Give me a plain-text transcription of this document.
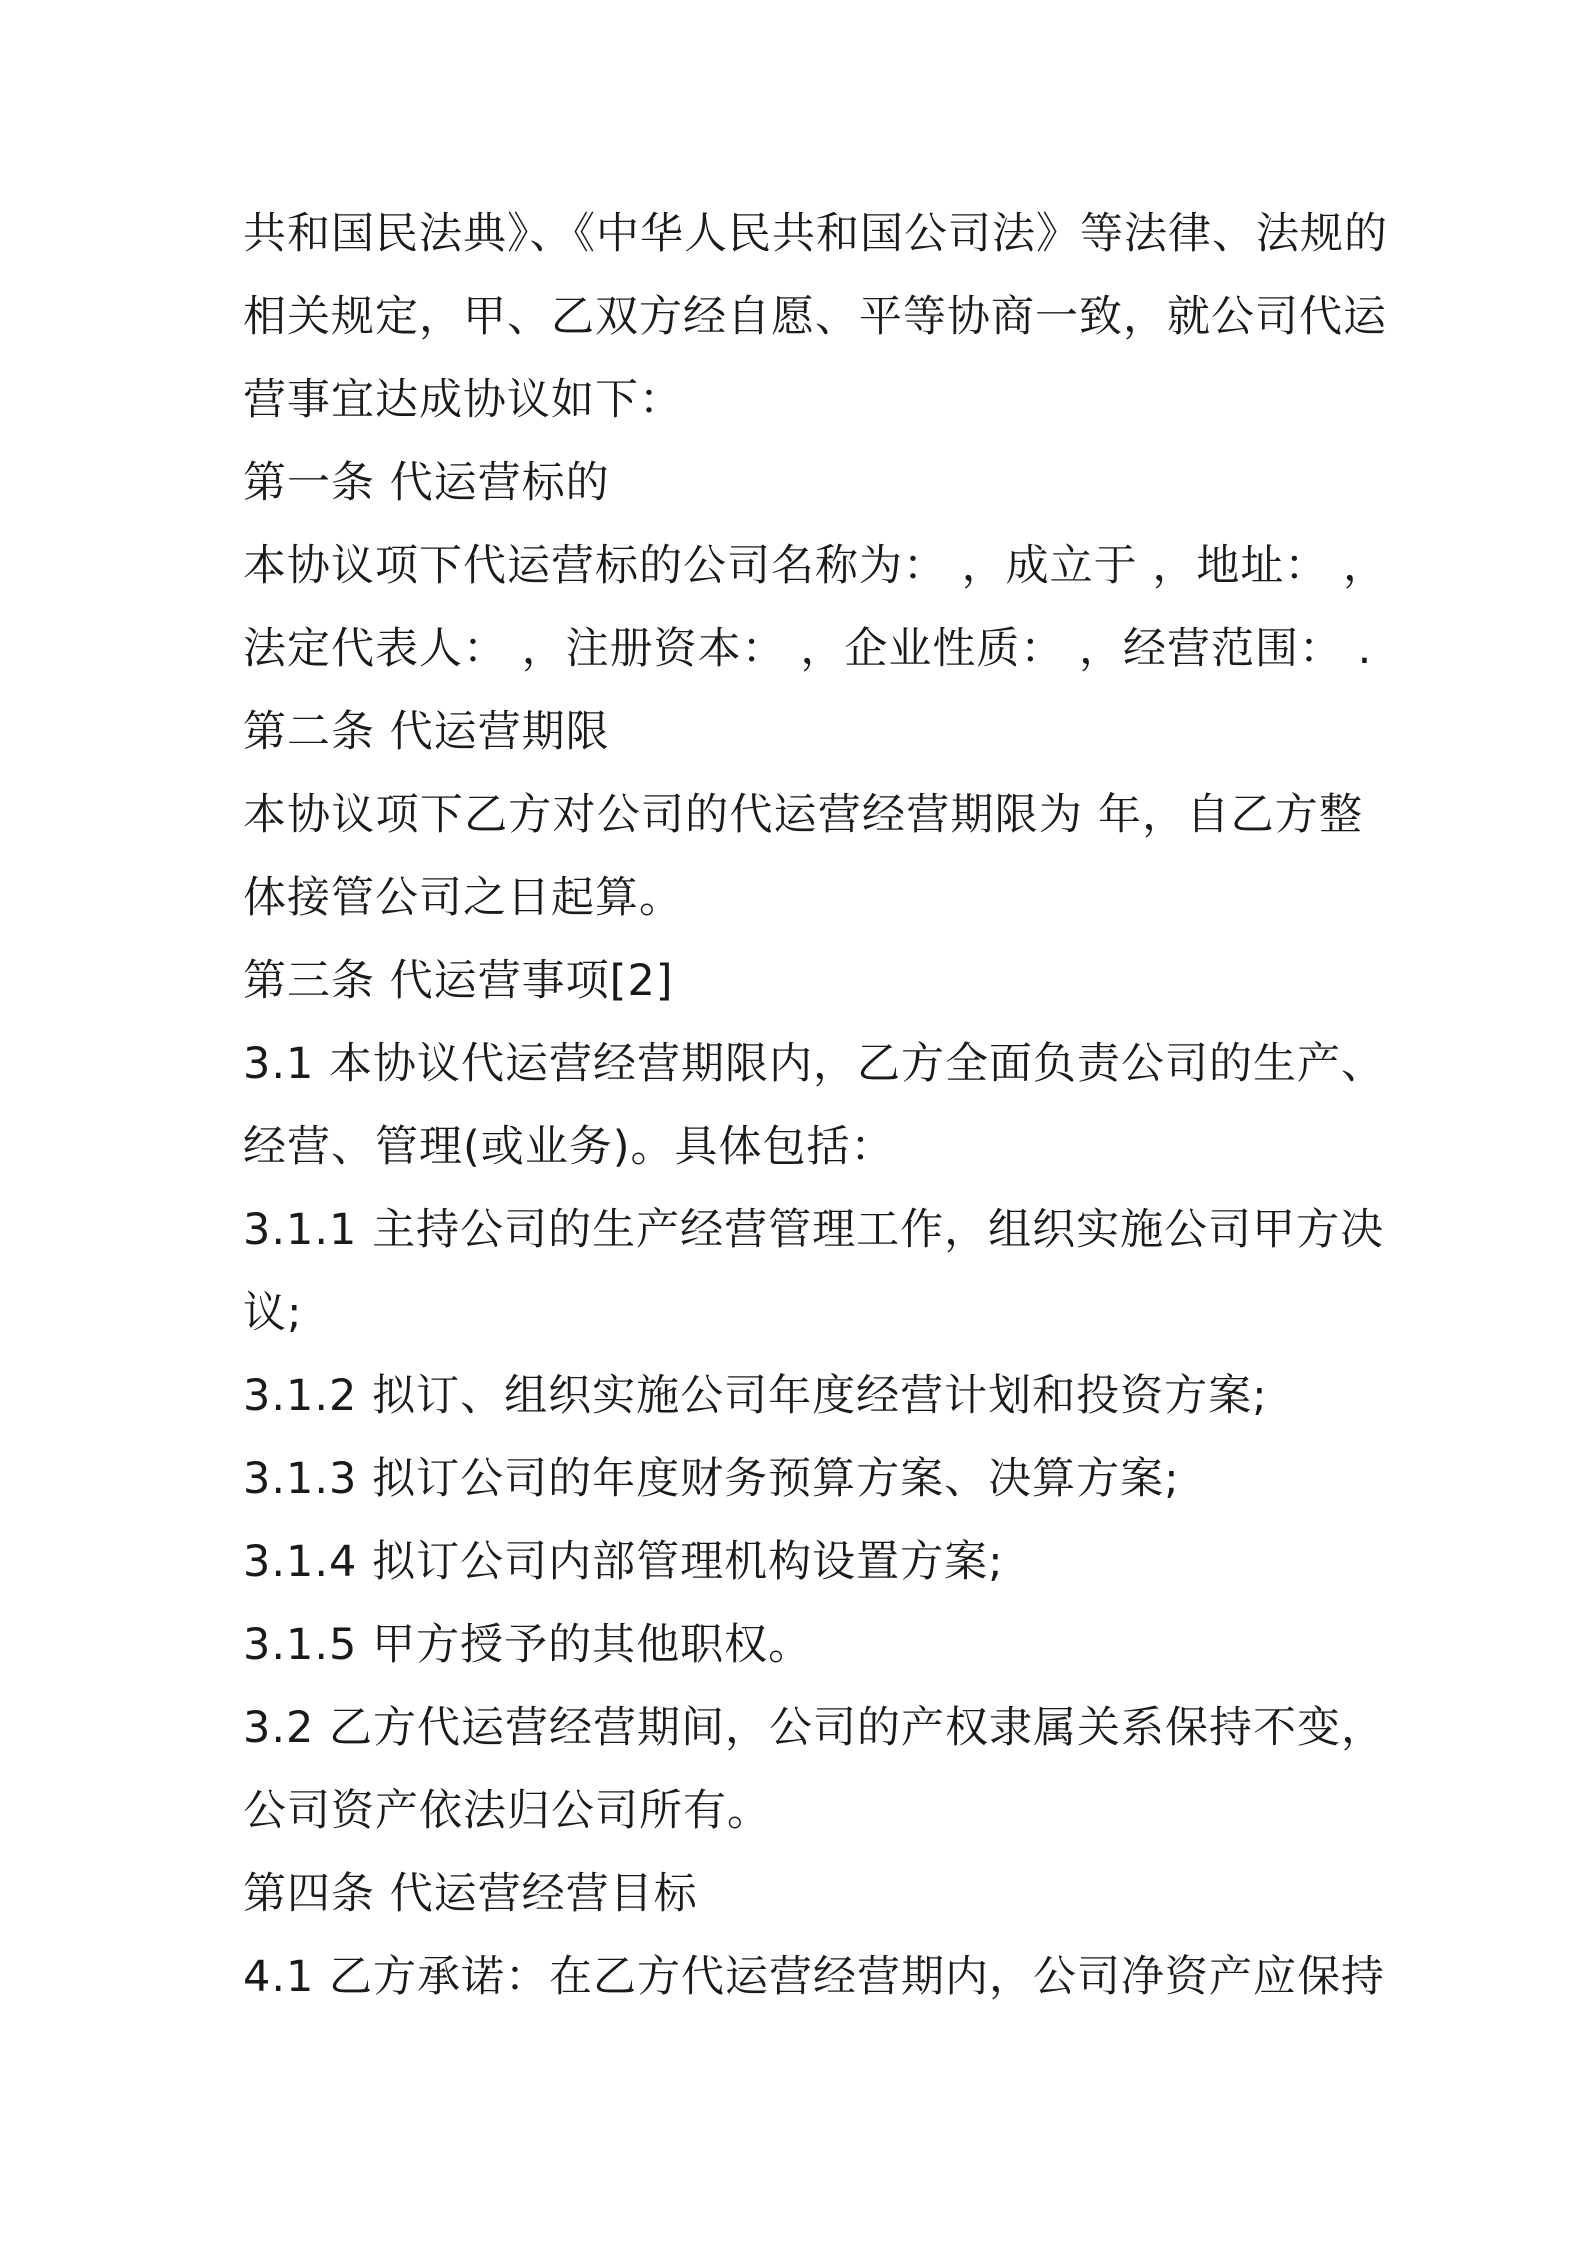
共和国民法典》、《中华人民共和国公司法》等法律、法规的
相关规定，甲、乙双方经自愿、平等协商一致，就公司代运
营事宜达成协议如下：
第一条 代运营标的
本协议项下代运营标的公司名称为： ，成立于 ，地址： ，
法定代表人： ，注册资本： ，企业性质： ，经营范围： .
第二条 代运营期限
本协议项下乙方对公司的代运营经营期限为 年，自乙方整
体接管公司之日起算。
第三条 代运营事项[2]
3.1 本协议代运营经营期限内，乙方全面负责公司的生产、
经营、管理(或业务)。具体包括：
3.1.1 主持公司的生产经营管理工作，组织实施公司甲方决
议;
3.1.2 拟订、组织实施公司年度经营计划和投资方案;
3.1.3 拟订公司的年度财务预算方案、决算方案;
3.1.4 拟订公司内部管理机构设置方案;
3.1.5 甲方授予的其他职权。
3.2 乙方代运营经营期间，公司的产权隶属关系保持不变，
公司资产依法归公司所有。
第四条 代运营经营目标
4.1 乙方承诺：在乙方代运营经营期内，公司净资产应保持
